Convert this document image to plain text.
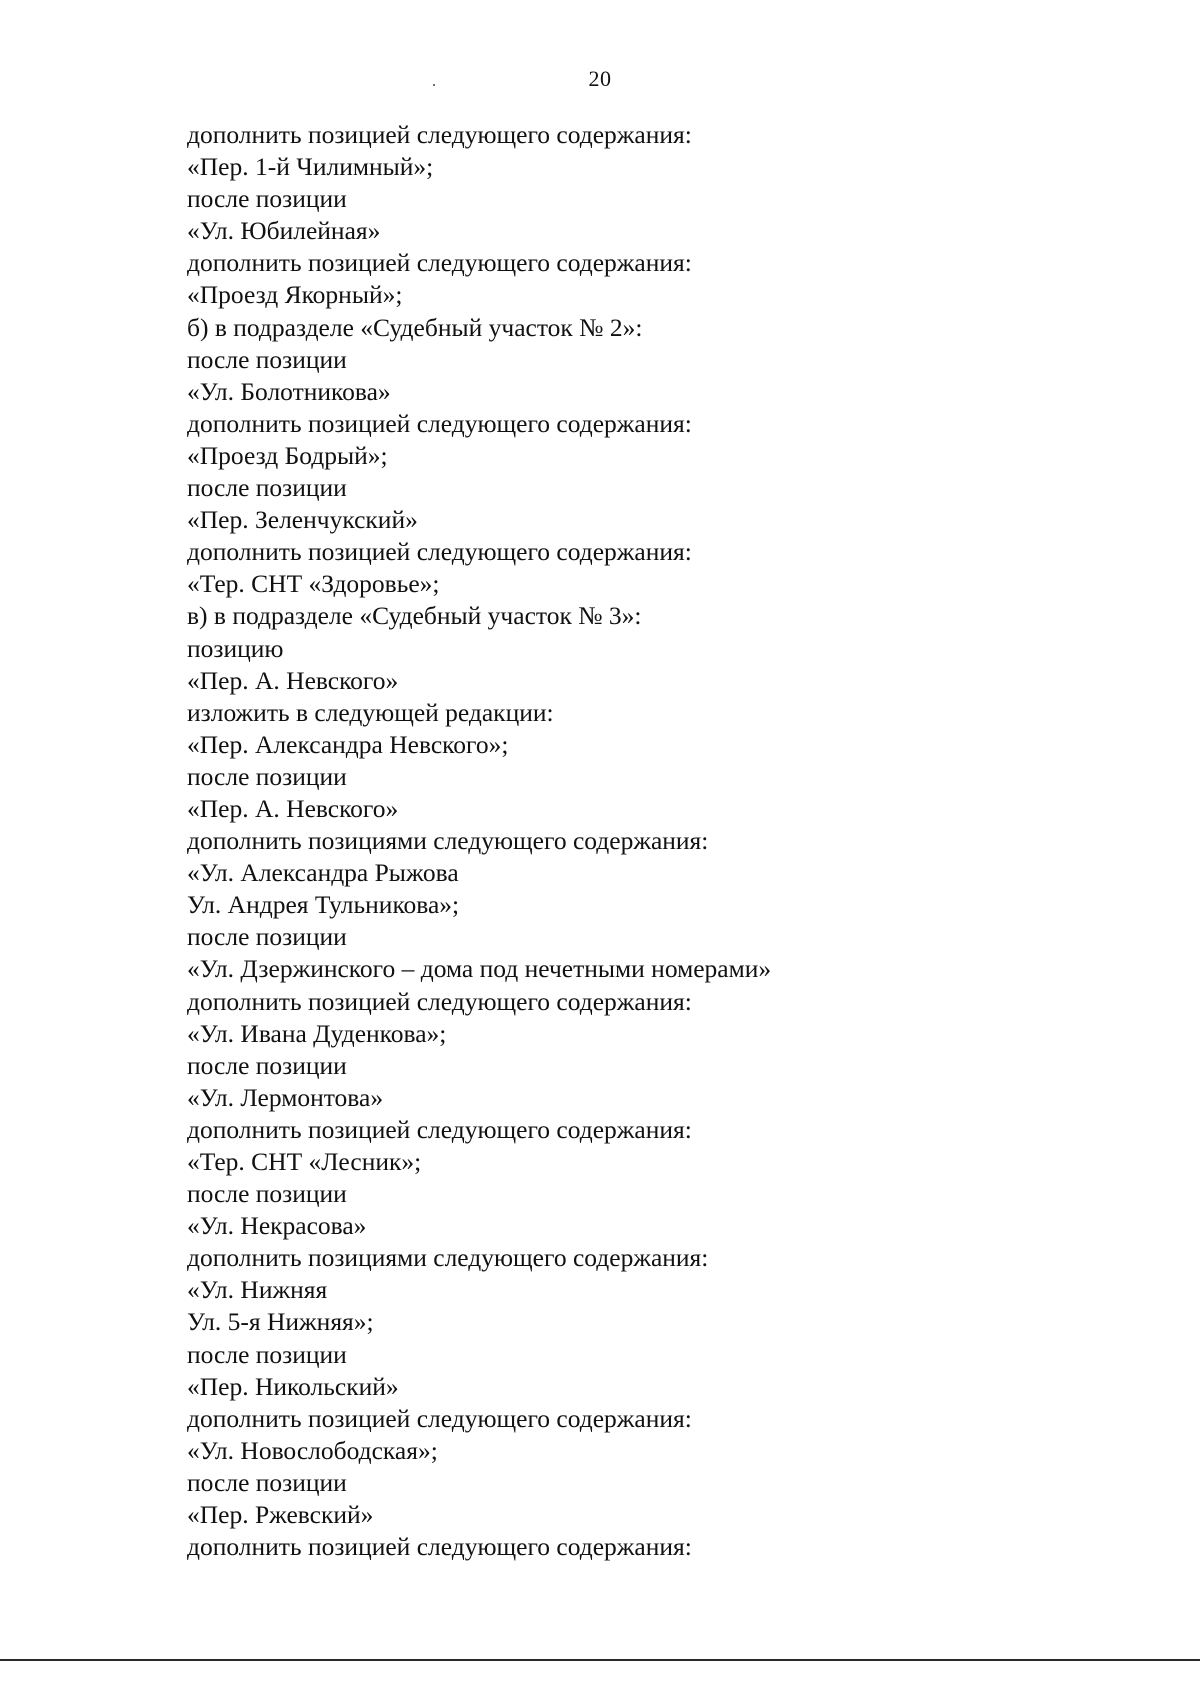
20
дополнить позицией следующего содержания:
«Пер. 1-й Чилимный»;
после позиции
«Ул. Юбилейная»
дополнить позицией следующего содержания:
«Проезд Якорный»;
б) в подразделе «Судебный участок № 2»:
после позиции
«Ул. Болотникова»
дополнить позицией следующего содержания:
«Проезд Бодрый»;
после позиции
«Пер. Зеленчукский»
дополнить позицией следующего содержания:
«Тер. СНТ «Здоровье»;
в) в подразделе «Судебный участок № 3»:
позицию
«Пер. А. Невского»
изложить в следующей редакции:
«Пер. Александра Невского»;
после позиции
«Пер. А. Невского»
дополнить позициями следующего содержания:
«Ул. Александра Рыжова
Ул. Андрея Тульникова»;
после позиции
«Ул. Дзержинского – дома под нечетными номерами»
дополнить позицией следующего содержания:
«Ул. Ивана Дуденкова»;
после позиции
«Ул. Лермонтова»
дополнить позицией следующего содержания:
«Тер. СНТ «Лесник»;
после позиции
«Ул. Некрасова»
дополнить позициями следующего содержания:
«Ул. Нижняя
Ул. 5-я Нижняя»;
после позиции
«Пер. Никольский»
дополнить позицией следующего содержания:
«Ул. Новослободская»;
после позиции
«Пер. Ржевский»
дополнить позицией следующего содержания:
